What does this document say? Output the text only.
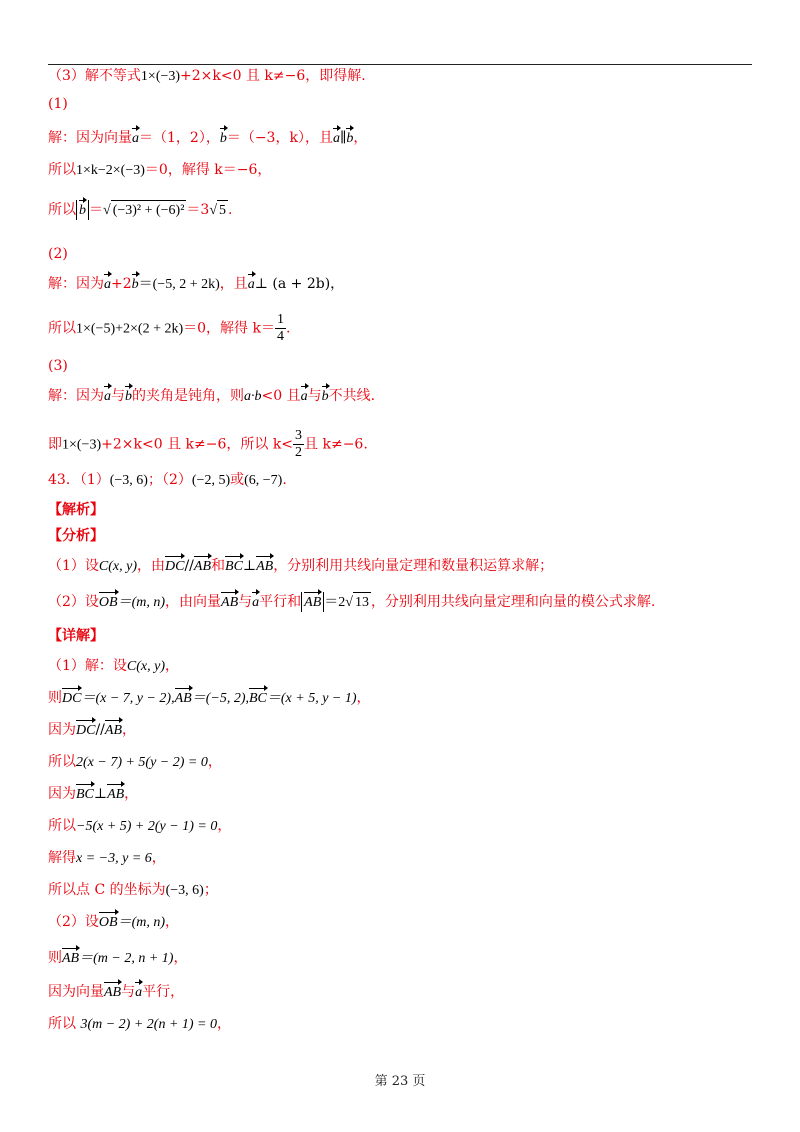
（3）解不等式1×(−3)+2×k<0 且 k≠−6，即得解.
(1)
解：因为向量a＝（1，2），b＝（−3，k），且a∥b，
所以1×k−2×(−3)＝0，解得 k＝−6，
所以 b ＝√ (−3)² + (−6)² ＝3√ 5 .
(2)
解：因为a+2b＝(−5, 2 + 2k)，且a⊥ (a + 2b)，
所以1×(−5)+2×(2 + 2k)＝0，解得 $k= \frac{1}{4}$ .
(3)
解：因为a与b的夹角是钝角，则a·b<0 且a与b不共线.
即1×(−3)+2×k<0 且 k≠−6，所以 $k< \frac{3}{2}$ 且 k≠−6.
43．（1）(−3, 6)；（2）(−2, 5)或(6, −7).
【解析】
【分析】
（1）设C(x, y)，由DC//AB和BC⊥AB，分别利用共线向量定理和数量积运算求解；
（2）设OB＝(m, n)，由向量AB与a平行和 AB ＝2√ 13 ，分别利用共线向量定理和向量的模公式求解.
【详解】
（1）解：设C(x, y)，
则DC＝(x − 7, y − 2),AB＝(−5, 2),BC＝(x + 5, y − 1)，
因为DC//AB，
所以2(x − 7) + 5(y − 2) = 0，
因为BC⊥AB，
所以−5(x + 5) + 2(y − 1) = 0，
解得x = −3, y = 6，
所以点 C 的坐标为(−3, 6)；
（2）设OB＝(m, n)，
则AB＝(m − 2, n + 1)，
因为向量AB与a平行，
所以 3(m − 2) + 2(n + 1) = 0，
第 23 页
